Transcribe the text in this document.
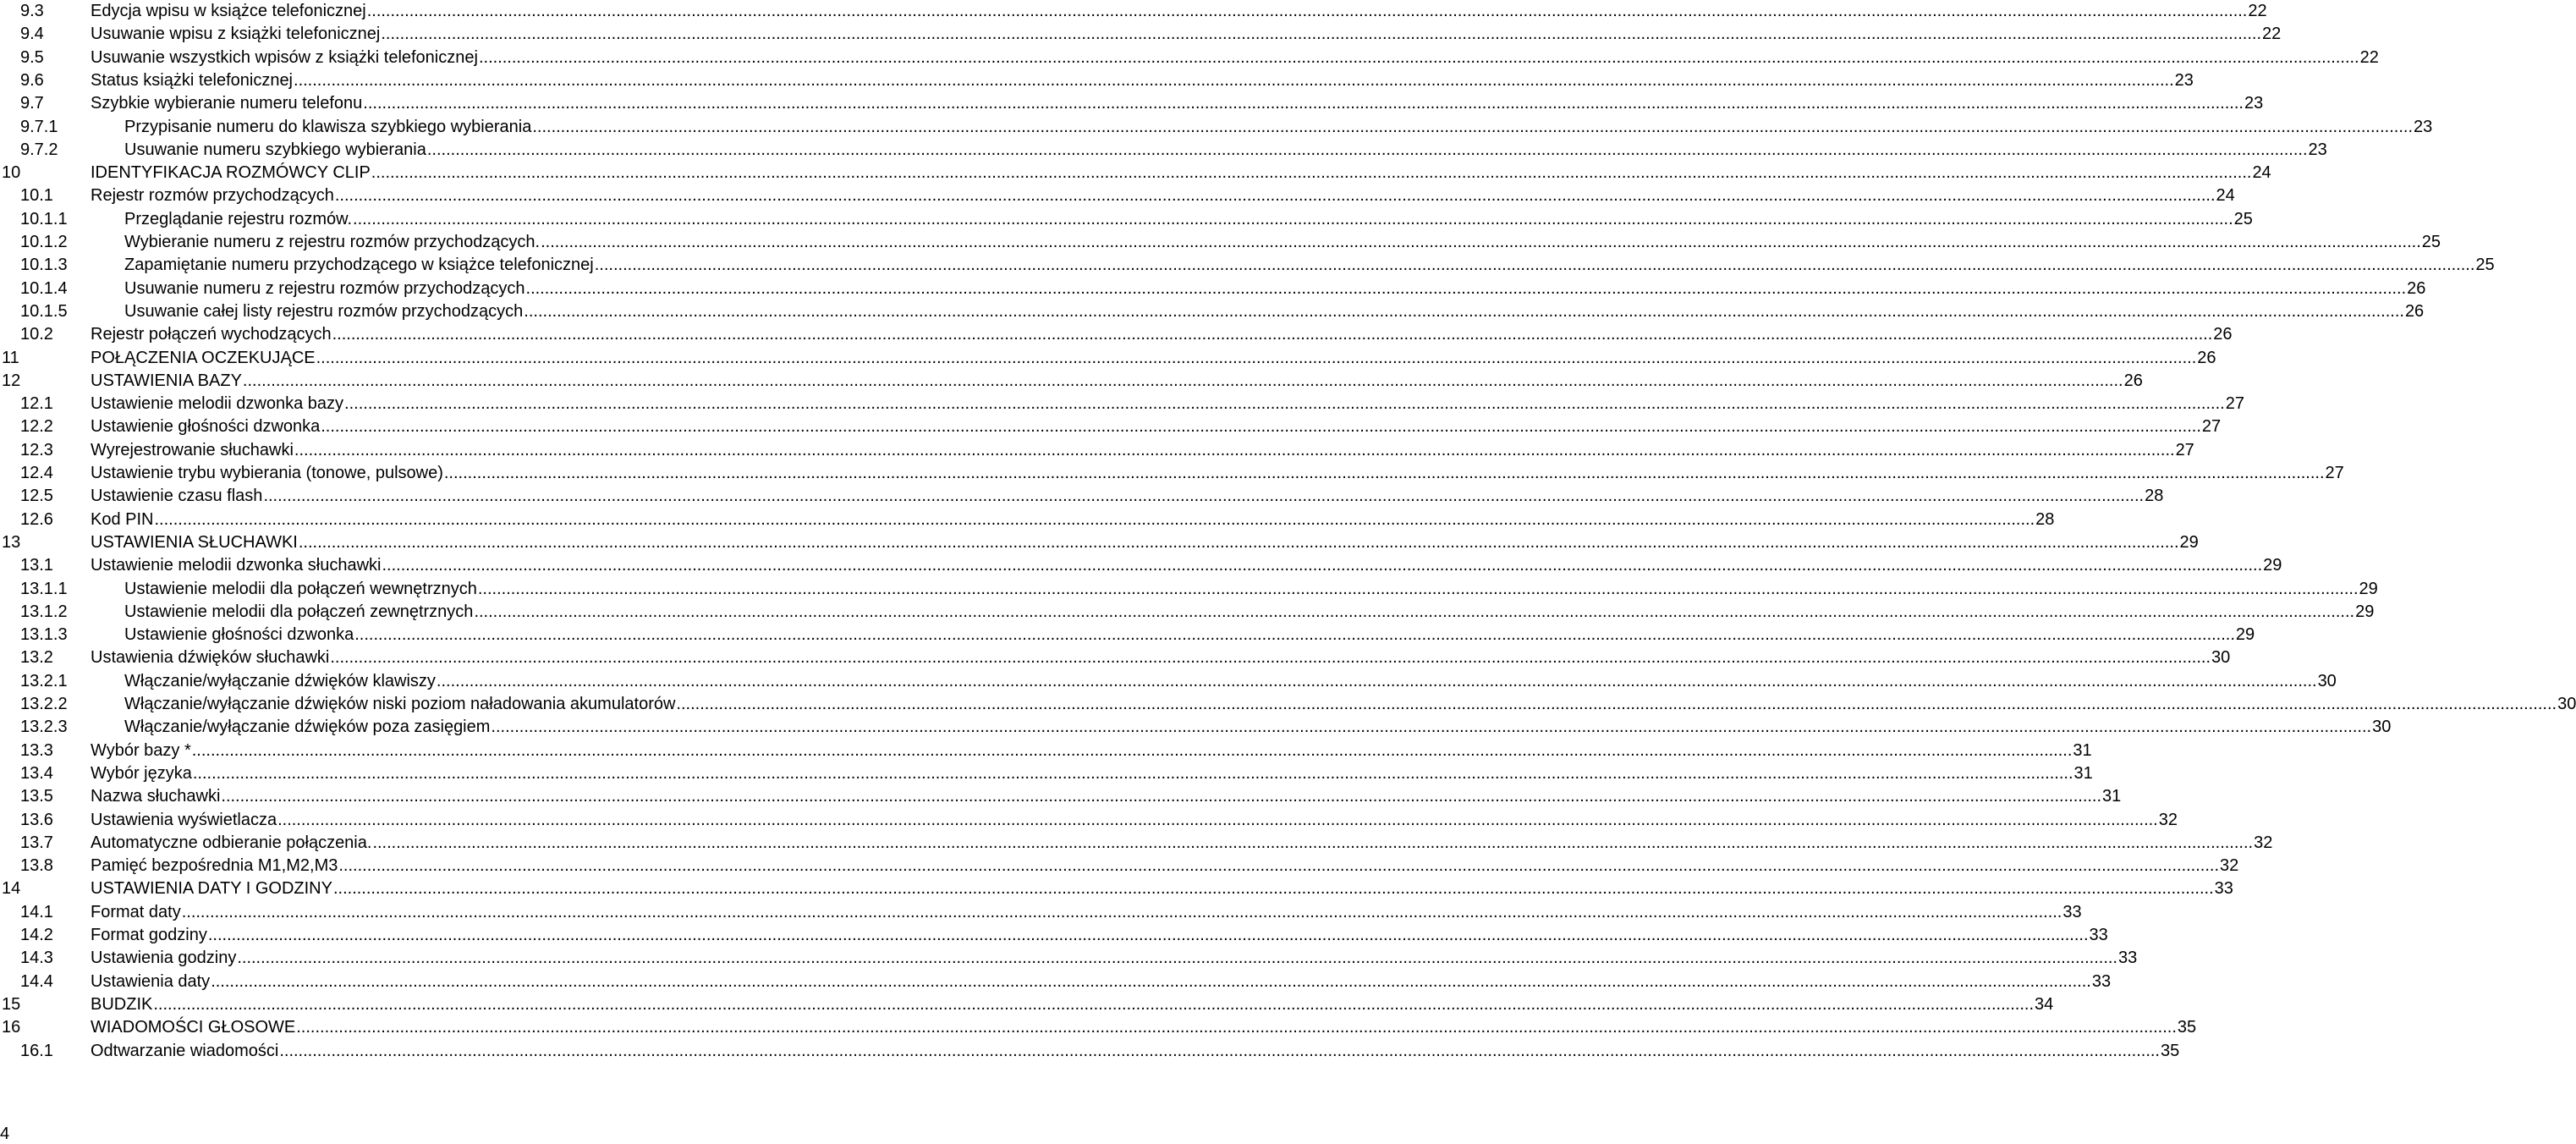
9.3	Edycja wpisu w książce telefonicznej ................................................................................................................................................................................................................................................................................................................................................................................................................ 22
9.4	Usuwanie wpisu z książki telefonicznej ................................................................................................................................................................................................................................................................................................................................................................................................................ 22
9.5	Usuwanie wszystkich wpisów z książki telefonicznej ................................................................................................................................................................................................................................................................................................................................................................................................................ 22
9.6	Status książki telefonicznej ................................................................................................................................................................................................................................................................................................................................................................................................................ 23
9.7	Szybkie wybieranie numeru telefonu ................................................................................................................................................................................................................................................................................................................................................................................................................ 23
9.7.1	Przypisanie numeru do klawisza szybkiego wybierania ................................................................................................................................................................................................................................................................................................................................................................................................................ 23
9.7.2	Usuwanie numeru szybkiego wybierania ................................................................................................................................................................................................................................................................................................................................................................................................................ 23
10	IDENTYFIKACJA ROZMÓWCY CLIP ................................................................................................................................................................................................................................................................................................................................................................................................................ 24
10.1 Rejestr rozmów przychodzących ................................................................................................................................................................................................................................................................................................................................................................................................................ 24
10.1.1	Przeglądanie rejestru rozmów. ................................................................................................................................................................................................................................................................................................................................................................................................................ 25
10.1.2	Wybieranie numeru z rejestru rozmów przychodzących. ................................................................................................................................................................................................................................................................................................................................................................................................................ 25
10.1.3	Zapamiętanie numeru przychodzącego w książce telefonicznej ................................................................................................................................................................................................................................................................................................................................................................................................................ 25
10.1.4	Usuwanie numeru z rejestru rozmów przychodzących ................................................................................................................................................................................................................................................................................................................................................................................................................ 26
10.1.5	Usuwanie całej listy rejestru rozmów przychodzących ................................................................................................................................................................................................................................................................................................................................................................................................................ 26
10.2 Rejestr połączeń wychodzących ................................................................................................................................................................................................................................................................................................................................................................................................................ 26
11	POŁĄCZENIA OCZEKUJĄCE ................................................................................................................................................................................................................................................................................................................................................................................................................ 26
12	USTAWIENIA BAZY ................................................................................................................................................................................................................................................................................................................................................................................................................ 26
12.1 Ustawienie melodii dzwonka bazy ................................................................................................................................................................................................................................................................................................................................................................................................................ 27
12.2 Ustawienie głośności dzwonka ................................................................................................................................................................................................................................................................................................................................................................................................................ 27
12.3 Wyrejestrowanie słuchawki ................................................................................................................................................................................................................................................................................................................................................................................................................ 27
12.4 Ustawienie trybu wybierania (tonowe, pulsowe) ................................................................................................................................................................................................................................................................................................................................................................................................................ 27
12.5 Ustawienie czasu flash ................................................................................................................................................................................................................................................................................................................................................................................................................ 28
12.6 Kod PIN ................................................................................................................................................................................................................................................................................................................................................................................................................ 28
13	USTAWIENIA SŁUCHAWKI ................................................................................................................................................................................................................................................................................................................................................................................................................ 29
13.1 Ustawienie melodii dzwonka słuchawki ................................................................................................................................................................................................................................................................................................................................................................................................................ 29
13.1.1	Ustawienie melodii dla połączeń wewnętrznych ................................................................................................................................................................................................................................................................................................................................................................................................................ 29
13.1.2	Ustawienie melodii dla połączeń zewnętrznych ................................................................................................................................................................................................................................................................................................................................................................................................................ 29
13.1.3	Ustawienie głośności dzwonka ................................................................................................................................................................................................................................................................................................................................................................................................................ 29
13.2 Ustawienia dźwięków słuchawki ................................................................................................................................................................................................................................................................................................................................................................................................................ 30
13.2.1	Włączanie/wyłączanie dźwięków klawiszy ................................................................................................................................................................................................................................................................................................................................................................................................................ 30
13.2.2	Włączanie/wyłączanie dźwięków niski poziom naładowania akumulatorów ................................................................................................................................................................................................................................................................................................................................................................................................................ 30
13.2.3	Włączanie/wyłączanie dźwięków poza zasięgiem ................................................................................................................................................................................................................................................................................................................................................................................................................ 30
13.3 Wybór bazy * ................................................................................................................................................................................................................................................................................................................................................................................................................ 31
13.4 Wybór języka ................................................................................................................................................................................................................................................................................................................................................................................................................ 31
13.5 Nazwa słuchawki ................................................................................................................................................................................................................................................................................................................................................................................................................ 31
13.6 Ustawienia wyświetlacza ................................................................................................................................................................................................................................................................................................................................................................................................................ 32
13.7 Automatyczne odbieranie połączenia. ................................................................................................................................................................................................................................................................................................................................................................................................................ 32
13.8 Pamięć bezpośrednia M1,M2,M3 ................................................................................................................................................................................................................................................................................................................................................................................................................ 32
14	USTAWIENIA DATY I GODZINY ................................................................................................................................................................................................................................................................................................................................................................................................................ 33
14.1 Format daty ................................................................................................................................................................................................................................................................................................................................................................................................................ 33
14.2 Format godziny ................................................................................................................................................................................................................................................................................................................................................................................................................ 33
14.3 Ustawienia godziny ................................................................................................................................................................................................................................................................................................................................................................................................................ 33
14.4 Ustawienia daty ................................................................................................................................................................................................................................................................................................................................................................................................................ 33
15	BUDZIK ................................................................................................................................................................................................................................................................................................................................................................................................................ 34
16	WIADOMOŚCI GŁOSOWE ................................................................................................................................................................................................................................................................................................................................................................................................................ 35
16.1 Odtwarzanie wiadomości ................................................................................................................................................................................................................................................................................................................................................................................................................ 35
4
